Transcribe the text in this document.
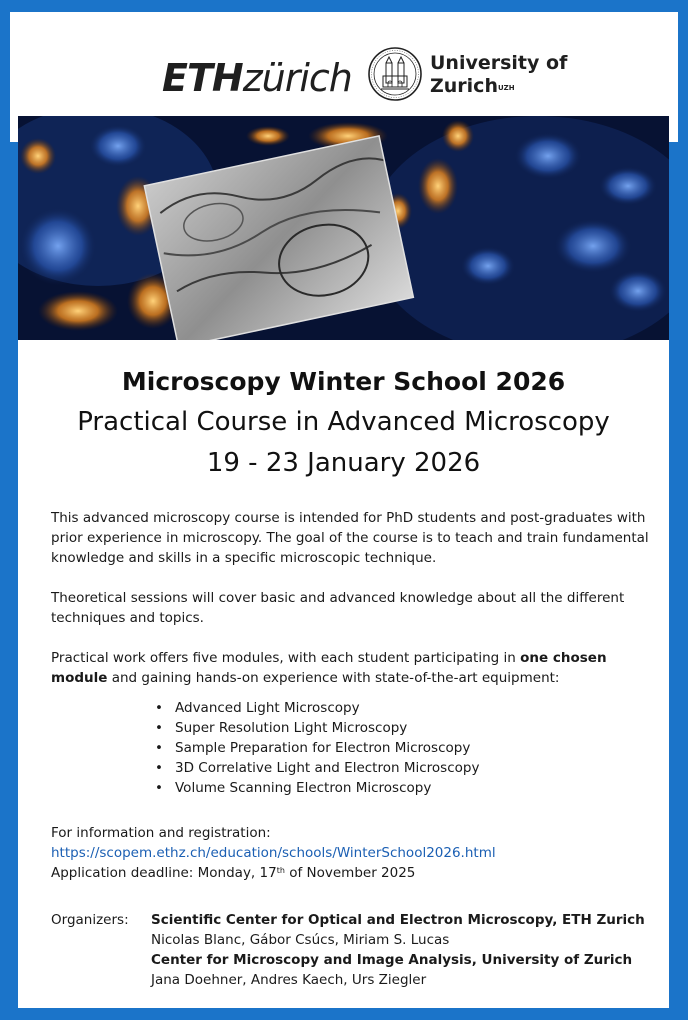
ETHzürich	University of
Zurich$^{UZH}$
Microscopy Winter School 2026
Practical Course in Advanced Microscopy
19 - 23 January 2026

This advanced microscopy course is intended for PhD students and post-graduates with prior experience in microscopy. The goal of the course is to teach and train fundamental knowledge and skills in a specific microscopic technique.

Theoretical sessions will cover basic and advanced knowledge about all the different techniques and topics.

Practical work offers five modules, with each student participating in one chosen module and gaining hands-on experience with state-of-the-art equipment:

• Advanced Light Microscopy
• Super Resolution Light Microscopy
• Sample Preparation for Electron Microscopy
• 3D Correlative Light and Electron Microscopy
• Volume Scanning Electron Microscopy
For information and registration:
https://scopem.ethz.ch/education/schools/WinterSchool2026.html
Application deadline: Monday, 17th of November 2025
Organizers: Scientific Center for Optical and Electron Microscopy, ETH Zurich
Nicolas Blanc, Gábor Csúcs, Miriam S. Lucas
Center for Microscopy and Image Analysis, University of Zurich
Jana Doehner, Andres Kaech, Urs Ziegler
